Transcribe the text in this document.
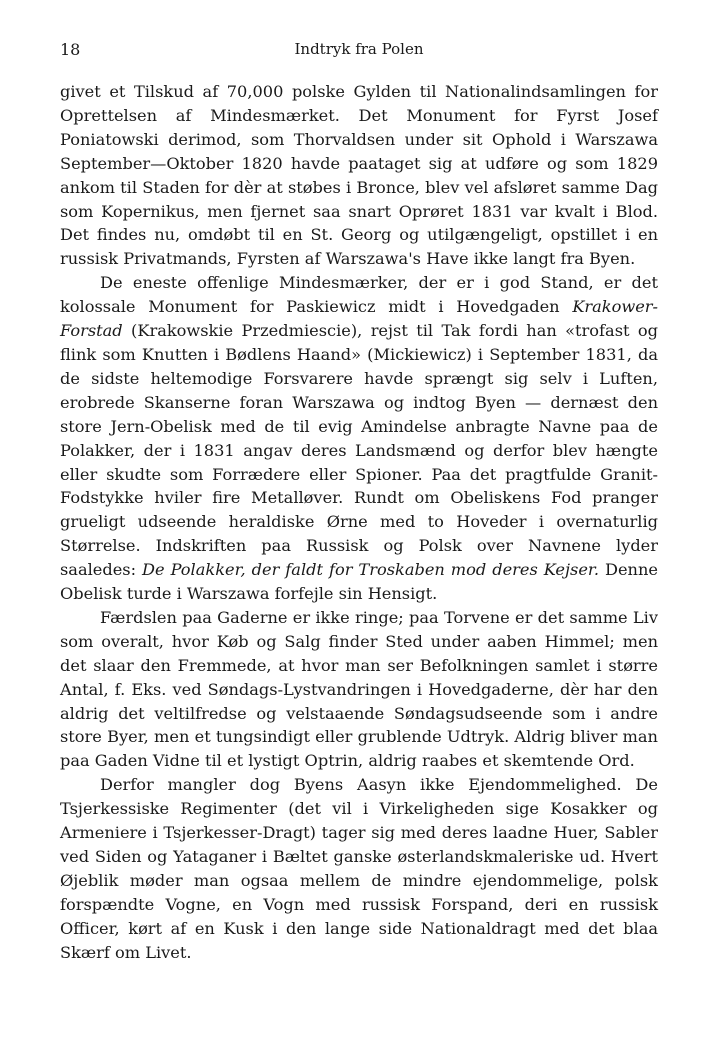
18	Indtryk fra Polen

givet et Tilskud af 70,000 polske Gylden til Nationalindsamlingen for Oprettelsen af Mindesmærket. Det Monument for Fyrst Josef Poniatowski derimod, som Thorvaldsen under sit Ophold i Warszawa September—Oktober 1820 havde paataget sig at udføre og som 1829 ankom til Staden for dèr at støbes i Bronce, blev vel afsløret samme Dag som Kopernikus, men fjernet saa snart Oprøret 1831 var kvalt i Blod. Det findes nu, omdøbt til en St. Georg og utilgængeligt, opstillet i en russisk Privatmands, Fyrsten af Warszawa's Have ikke langt fra Byen.

De eneste offenlige Mindesmærker, der er i god Stand, er det kolossale Monument for Paskiewicz midt i Hovedgaden Krakower-Forstad (Krakowskie Przedmiescie), rejst til Tak fordi han «trofast og flink som Knutten i Bødlens Haand» (Mickiewicz) i September 1831, da de sidste heltemodige Forsvarere havde sprængt sig selv i Luften, erobrede Skanserne foran Warszawa og indtog Byen — dernæst den store Jern-Obelisk med de til evig Amindelse anbragte Navne paa de Polakker, der i 1831 angav deres Landsmænd og derfor blev hængte eller skudte som Forrædere eller Spioner. Paa det pragtfulde Granit-Fodstykke hviler fire Metalløver. Rundt om Obeliskens Fod pranger grueligt udseende heraldiske Ørne med to Hoveder i overnaturlig Størrelse. Indskriften paa Russisk og Polsk over Navnene lyder saaledes: De Polakker, der faldt for Troskaben mod deres Kejser. Denne Obelisk turde i Warszawa forfejle sin Hensigt.

Færdslen paa Gaderne er ikke ringe; paa Torvene er det samme Liv som overalt, hvor Køb og Salg finder Sted under aaben Himmel; men det slaar den Fremmede, at hvor man ser Befolkningen samlet i større Antal, f. Eks. ved Søndags-Lystvandringen i Hovedgaderne, dèr har den aldrig det veltilfredse og velstaaende Søndagsudseende som i andre store Byer, men et tungsindigt eller grublende Udtryk. Aldrig bliver man paa Gaden Vidne til et lystigt Optrin, aldrig raabes et skemtende Ord.

Derfor mangler dog Byens Aasyn ikke Ejendommelighed. De Tsjerkessiske Regimenter (det vil i Virkeligheden sige Kosakker og Armeniere i Tsjerkesser-Dragt) tager sig med deres laadne Huer, Sabler ved Siden og Yataganer i Bæltet ganske østerlandskmaleriske ud. Hvert Øjeblik møder man ogsaa mellem de mindre ejendommelige, polsk forspændte Vogne, en Vogn med russisk Forspand, deri en russisk Officer, kørt af en Kusk i den lange side Nationaldragt med det blaa Skærf om Livet.
